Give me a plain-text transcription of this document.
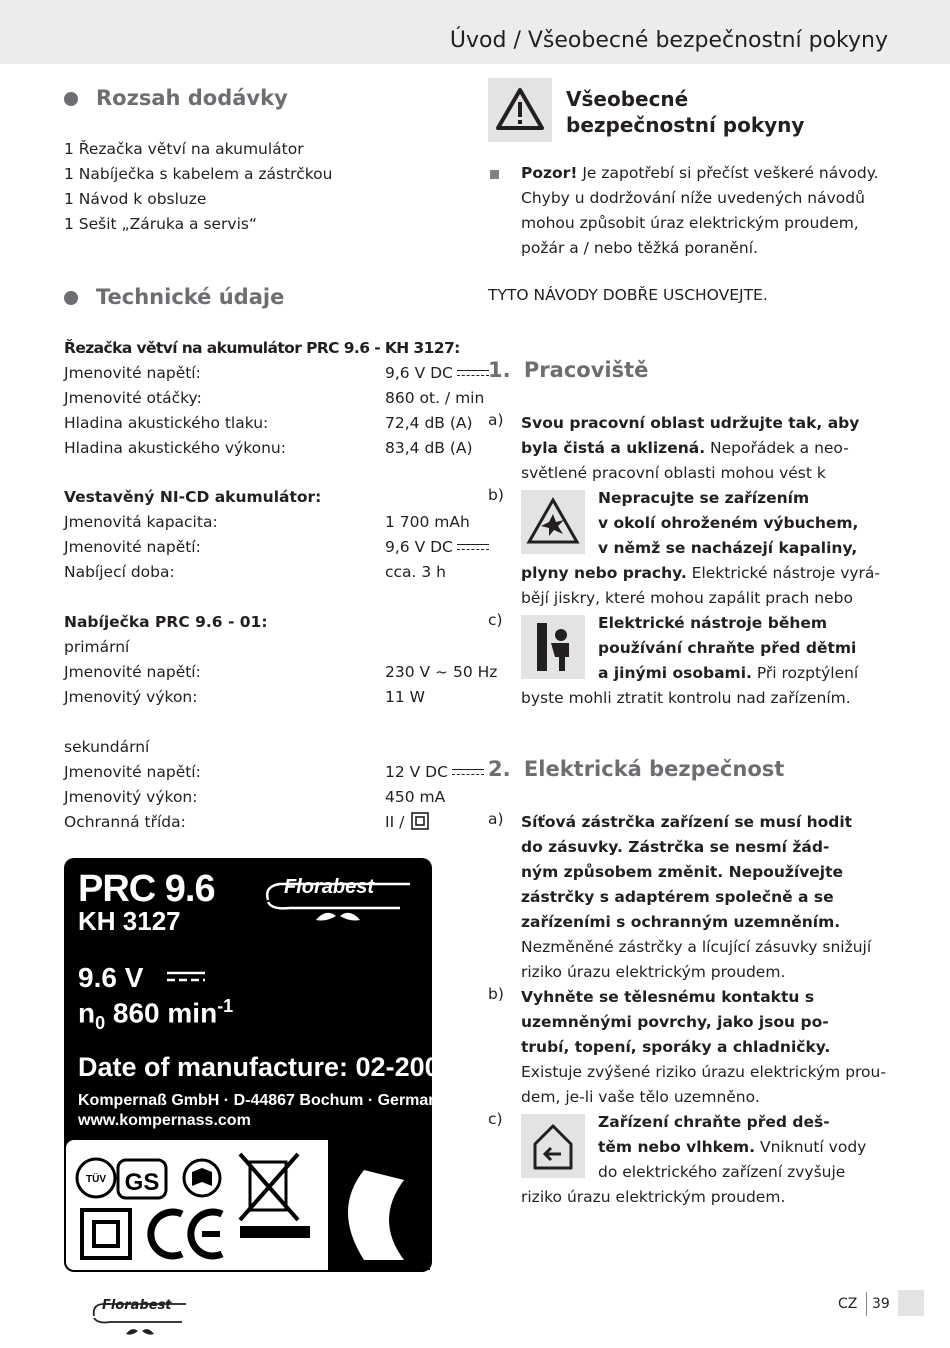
Úvod / Všeobecné bezpečnostní pokyny
Rozsah dodávky
1 Řezačka větví na akumulátor
1 Nabíječka s kabelem a zástrčkou
1 Návod k obsluze
1 Sešit „Záruka a servis“
Technické údaje
Řezačka větví na akumulátor PRC 9.6 - KH 3127:
Jmenovité napětí:	9,6 V DC
Jmenovité otáčky:	860 ot. / min
Hladina akustického tlaku:	72,4 dB (A)
Hladina akustického výkonu:	83,4 dB (A)
Vestavěný NI-CD akumulátor:
Jmenovitá kapacita:	1 700 mAh
Jmenovité napětí:	9,6 V DC
Nabíjecí doba:	cca. 3 h
Nabíječka PRC 9.6 - 01:
primární
Jmenovité napětí:	230 V ~ 50 Hz
Jmenovitý výkon:	11 W
sekundární
Jmenovité napětí:	12 V DC
Jmenovitý výkon:	450 mA
Ochranná třída:	II /
PRC 9.6
KH 3127
Florabest
9.6 V
$n_0$ 860 $\min^{-1}$
Date of manufacture: 02-2008
Kompernaß GmbH · D-44867 Bochum · Germany
www.kompernass.com
TÜV GS
Všeobecné
bezpečnostní pokyny
Pozor! Je zapotřebí si přečíst veškeré návody.
Chyby u dodržování níže uvedených návodů
mohou způsobit úraz elektrickým proudem,
požár a / nebo těžká poranění.
TYTO NÁVODY DOBŘE USCHOVEJTE.
1. Pracoviště
a) Svou pracovní oblast udržujte tak, aby
byla čistá a uklizená. Nepořádek a neo-
světlené pracovní oblasti mohou vést k
b)	Nepracujte se zařízením
v okolí ohroženém výbuchem,
v němž se nacházejí kapaliny,
plyny nebo prachy. Elektrické nástroje vyrá-
bějí jiskry, které mohou zapálit prach nebo
c)	Elektrické nástroje během
používání chraňte před dětmi
a jinými osobami. Při rozptýlení
byste mohli ztratit kontrolu nad zařízením.
2. Elektrická bezpečnost
a) Síťová zástrčka zařízení se musí hodit
do zásuvky. Zástrčka se nesmí žád-
ným způsobem změnit. Nepoužívejte
zástrčky s adaptérem společně a se
zařízeními s ochranným uzemněním.
Nezměněné zástrčky a lícující zásuvky snižují
riziko úrazu elektrickým proudem.
b) Vyhněte se tělesnému kontaktu s
uzemněnými povrchy, jako jsou po-
trubí, topení, sporáky a chladničky.
Existuje zvýšené riziko úrazu elektrickým prou-
dem, je-li vaše tělo uzemněno.
c)	Zařízení chraňte před deš-
těm nebo vlhkem. Vniknutí vody
do elektrického zařízení zvyšuje
riziko úrazu elektrickým proudem.
Florabest	CZ 39
